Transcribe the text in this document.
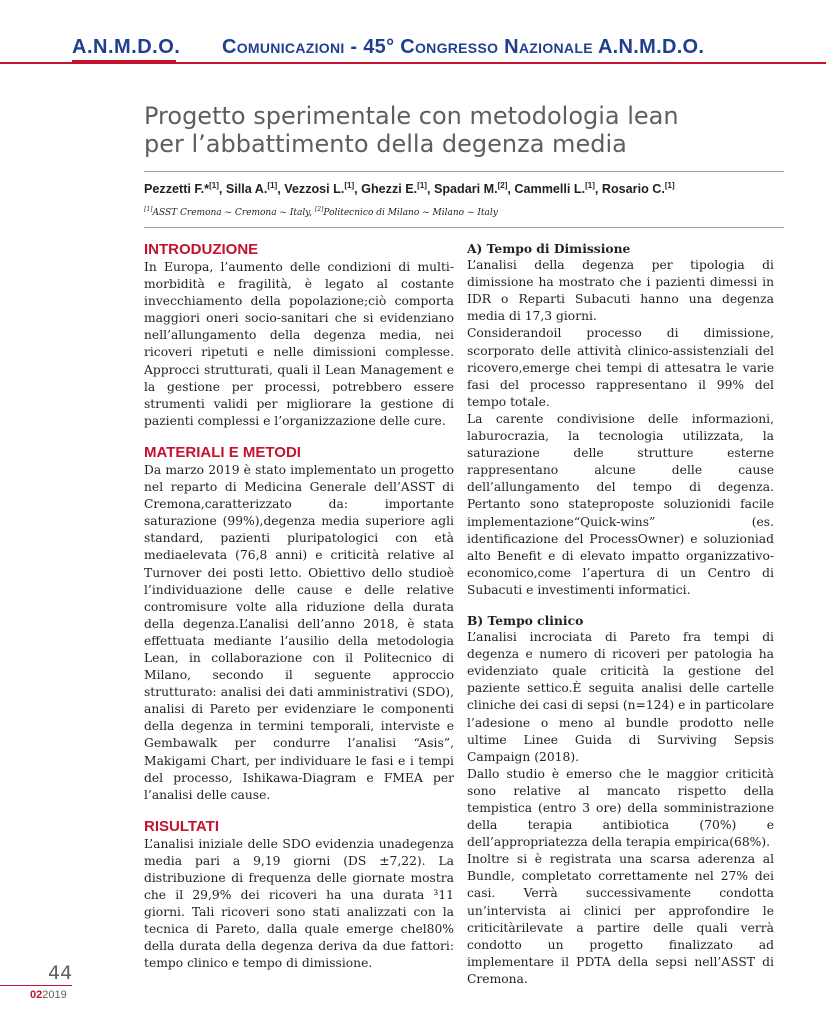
A.N.M.D.O. Comunicazioni - 45° Congresso Nazionale A.N.M.D.O.
Progetto sperimentale con metodologia lean
per l’abbattimento della degenza media
Pezzetti F.*[1], Silla A.[1], Vezzosi L.[1], Ghezzi E.[1], Spadari M.[2], Cammelli L.[1], Rosario C.[1]
[1]ASST Cremona ~ Cremona ~ Italy, [2]Politecnico di Milano ~ Milano ~ Italy
INTRODUZIONE

In Europa, l’aumento delle condizioni di multi-morbidità e fragilità, è legato al costante invecchiamento della popolazione;ciò comporta maggiori oneri socio-sanitari che si evidenziano nell’allungamento della degenza media, nei ricoveri ripetuti e nelle dimissioni complesse. Approcci strutturati, quali il Lean Management e la gestione per processi, potrebbero essere strumenti validi per migliorare la gestione di pazienti complessi e l’organizzazione delle cure.

MATERIALI E METODI

Da marzo 2019 è stato implementato un progetto nel reparto di Medicina Generale dell’ASST di Cremona,caratterizzato da: importante saturazione (99%),degenza media superiore agli standard, pazienti pluripatologici con età mediaelevata (76,8 anni) e criticità relative al Turnover dei posti letto. Obiettivo dello studioè l’individuazione delle cause e delle relative contromisure volte alla riduzione della durata della degenza.L’analisi dell’anno 2018, è stata effettuata mediante l’ausilio della metodologia Lean, in collaborazione con il Politecnico di Milano, secondo il seguente approccio strutturato: analisi dei dati amministrativi (SDO), analisi di Pareto per evidenziare le componenti della degenza in termini temporali, interviste e Gembawalk per condurre l’analisi “Asis”, Makigami Chart, per individuare le fasi e i tempi del processo, Ishikawa-Diagram e FMEA per l’analisi delle cause.

RISULTATI

L’analisi iniziale delle SDO evidenzia unadegenza media pari a 9,19 giorni (DS ±7,22). La distribuzione di frequenza delle giornate mostra che il 29,9% dei ricoveri ha una durata ³11 giorni. Tali ricoveri sono stati analizzati con la tecnica di Pareto, dalla quale emerge chel80% della durata della degenza deriva da due fattori: tempo clinico e tempo di dimissione.

A) Tempo di Dimissione

L’analisi della degenza per tipologia di dimissione ha mostrato che i pazienti dimessi in IDR o Reparti Subacuti hanno una degenza media di 17,3 giorni.

Considerandoil processo di dimissione, scorporato delle attività clinico-assistenziali del ricovero,emerge chei tempi di attesatra le varie fasi del processo rappresentano il 99% del tempo totale.

La carente condivisione delle informazioni, laburocrazia, la tecnologia utilizzata, la saturazione delle strutture esterne rappresentano alcune delle cause dell’allungamento del tempo di degenza. Pertanto sono stateproposte soluzionidi facile implementazione“Quick-wins” (es. identificazione del ProcessOwner) e soluzioniad alto Benefit e di elevato impatto organizzativo-economico,come l’apertura di un Centro di Subacuti e investimenti informatici.

B) Tempo clinico

L’analisi incrociata di Pareto fra tempi di degenza e numero di ricoveri per patologia ha evidenziato quale criticità la gestione del paziente settico.È seguita analisi delle cartelle cliniche dei casi di sepsi (n=124) e in particolare l’adesione o meno al bundle prodotto nelle ultime Linee Guida di Surviving Sepsis Campaign (2018).

Dallo studio è emerso che le maggior criticità sono relative al mancato rispetto della tempistica (entro 3 ore) della somministrazione della terapia antibiotica (70%) e dell’appropriatezza della terapia empirica(68%).

Inoltre si è registrata una scarsa aderenza al Bundle, completato correttamente nel 27% dei casi. Verrà successivamente condotta un’intervista ai clinici per approfondire le criticitàrilevate a partire delle quali verrà condotto un progetto finalizzato ad implementare il PDTA della sepsi nell’ASST di Cremona.

44
022019
